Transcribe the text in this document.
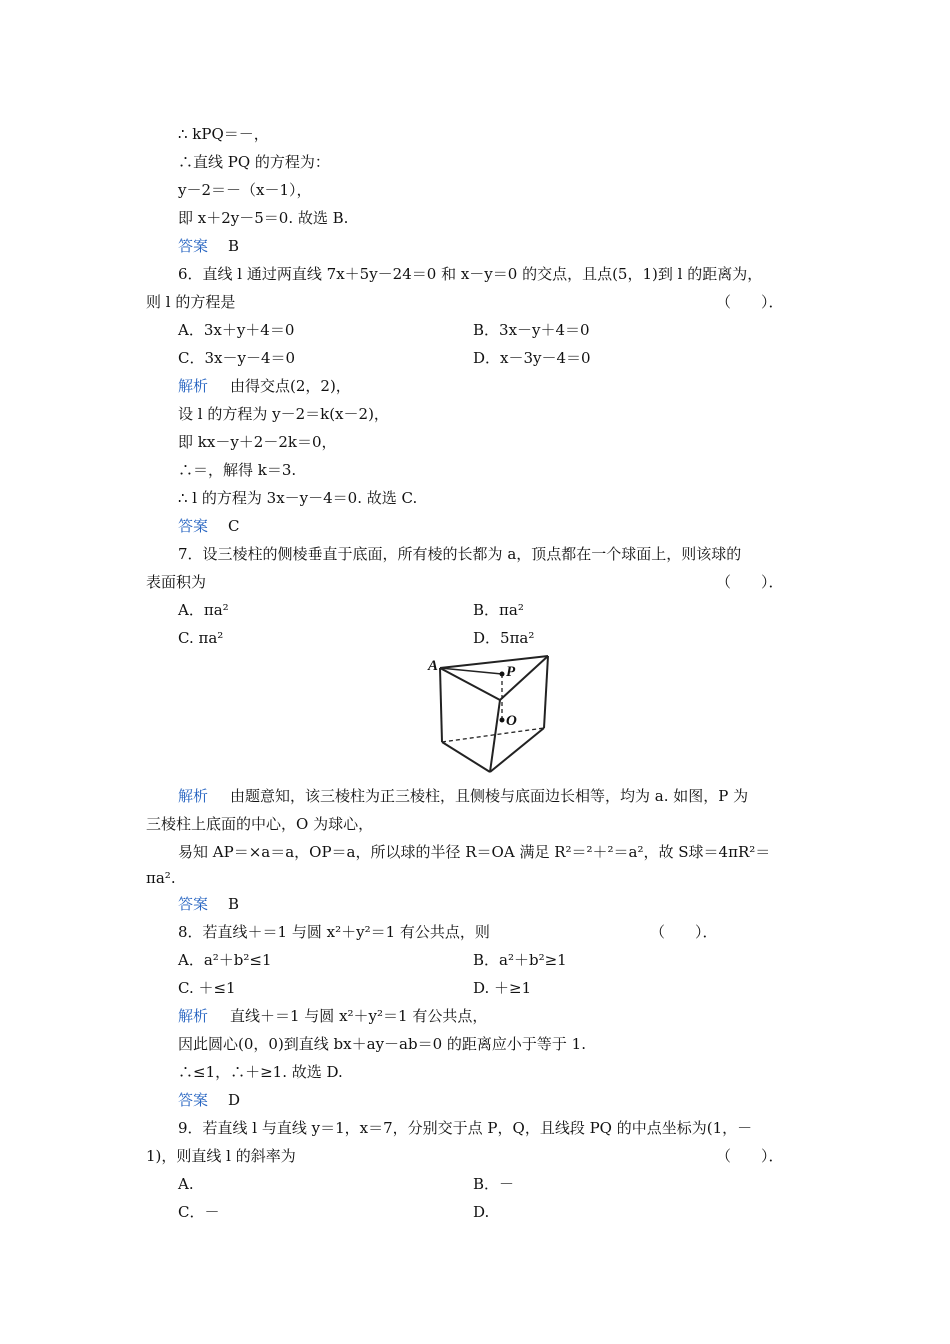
∴ kPQ＝－，
∴直线 PQ 的方程为：
y－2＝－（x－1），
即 x＋2y－5＝0. 故选 B.
答案 B
6．直线 l 通过两直线 7x＋5y－24＝0 和 x－y＝0 的交点，且点(5，1)到 l 的距离为，
则 l 的方程是	（　　）．
A．3x＋y＋4＝0	B．3x－y＋4＝0
C．3x－y－4＝0	D．x－3y－4＝0
解析 由得交点(2，2)，
设 l 的方程为 y－2＝k(x－2)，
即 kx－y＋2－2k＝0，
∴＝，解得 k＝3.
∴ l 的方程为 3x－y－4＝0. 故选 C.
答案 C
7．设三棱柱的侧棱垂直于底面，所有棱的长都为 a，顶点都在一个球面上，则该球的
表面积为	（　　）．
A．πa²	B．πa²
C. πa²	D．5πa²
A	P
O
解析 由题意知，该三棱柱为正三棱柱，且侧棱与底面边长相等，均为 a. 如图，P 为
三棱柱上底面的中心，O 为球心，
易知 AP＝×a＝a，OP＝a，所以球的半径 R＝OA 满足 R²＝²＋²＝a²，故 S球＝4πR²＝
πa².
答案 B
8．若直线＋＝1 与圆 x²＋y²＝1 有公共点，则	（　　）．
A．a²＋b²≤1	B．a²＋b²≥1
C. ＋≤1	D. ＋≥1
解析 直线＋＝1 与圆 x²＋y²＝1 有公共点，
因此圆心(0，0)到直线 bx＋ay－ab＝0 的距离应小于等于 1.
∴≤1，∴＋≥1. 故选 D.
答案 D
9．若直线 l 与直线 y＝1，x＝7，分别交于点 P，Q，且线段 PQ 的中点坐标为(1，－
1)，则直线 l 的斜率为	（　　）．
A.	B．－
C．－	D.
